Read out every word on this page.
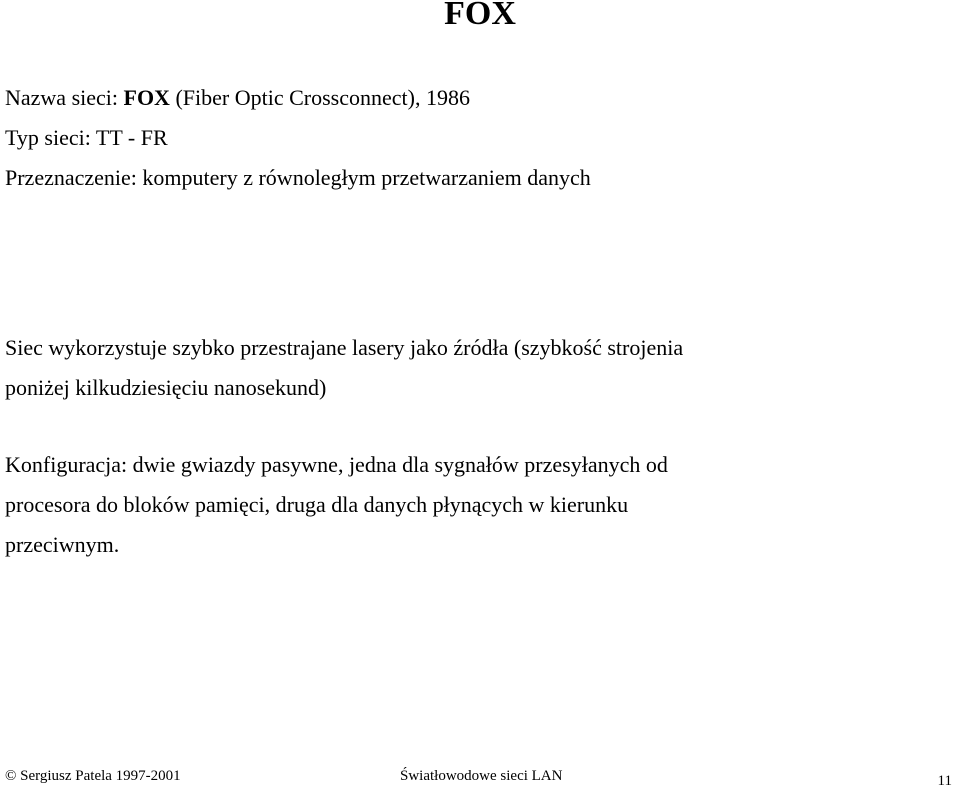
FOX

Nazwa sieci: FOX (Fiber Optic Crossconnect), 1986

Typ sieci: TT - FR

Przeznaczenie: komputery z równoległym przetwarzaniem danych

Siec wykorzystuje szybko przestrajane lasery jako źródła (szybkość strojenia

poniżej kilkudziesięciu nanosekund)

Konfiguracja: dwie gwiazdy pasywne, jedna dla sygnałów przesyłanych od

procesora do bloków pamięci, druga dla danych płynących w kierunku

przeciwnym.

© Sergiusz Patela 1997-2001	Światłowodowe sieci LAN	11
